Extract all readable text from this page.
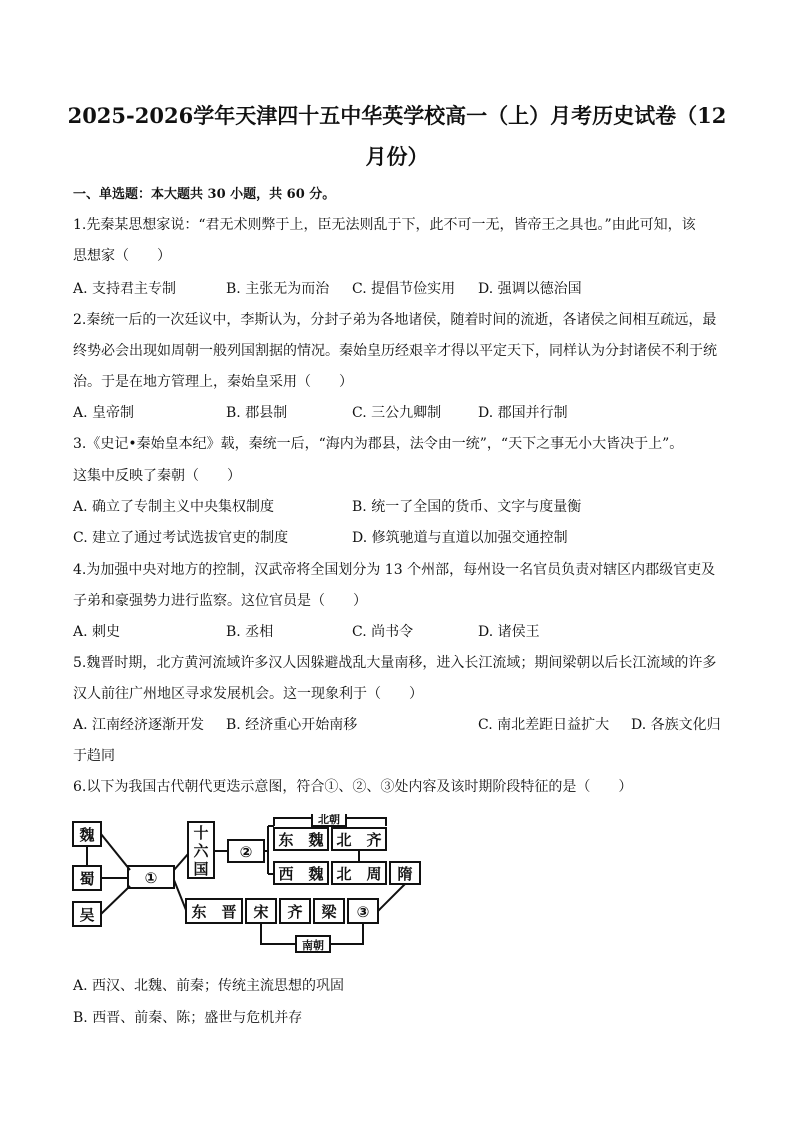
2025-2026学年天津四十五中华英学校高一（上）月考历史试卷（12
月份）
一、单选题：本大题共 30 小题，共 60 分。
1.先秦某思想家说：“君无术则弊于上，臣无法则乱于下，此不可一无，皆帝王之具也。”由此可知，该
思想家（　　）
A. 支持君主专制	B. 主张无为而治 C. 提倡节俭实用 D. 强调以德治国
2.秦统一后的一次廷议中，李斯认为，分封子弟为各地诸侯，随着时间的流逝，各诸侯之间相互疏远，最
终势必会出现如周朝一般列国割据的情况。秦始皇历经艰辛才得以平定天下，同样认为分封诸侯不利于统
治。于是在地方管理上，秦始皇采用（　　）
A. 皇帝制	B. 郡县制	C. 三公九卿制	D. 郡国并行制
3.《史记•秦始皇本纪》载，秦统一后，“海内为郡县，法令由一统”，“天下之事无小大皆决于上”。
这集中反映了秦朝（　　）
A. 确立了专制主义中央集权制度	B. 统一了全国的货币、文字与度量衡
C. 建立了通过考试选拔官吏的制度	D. 修筑驰道与直道以加强交通控制
4.为加强中央对地方的控制，汉武帝将全国划分为 13 个州部，每州设一名官员负责对辖区内郡级官吏及
子弟和豪强势力进行监察。这位官员是（　　）
A. 刺史	B. 丞相	C. 尚书令	D. 诸侯王
5.魏晋时期，北方黄河流域许多汉人因躲避战乱大量南移，进入长江流域；期间梁朝以后长江流域的许多
汉人前往广州地区寻求发展机会。这一现象利于（　　）
A. 江南经济逐渐开发 B. 经济重心开始南移	C. 南北差距日益扩大 D. 各族文化归
于趋同
6.以下为我国古代朝代更迭示意图，符合①、②、③处内容及该时期阶段特征的是（　　）
魏
蜀
吴
①
十
六
国
②
东　魏 北　齐
西　魏 北　周 隋
东　晋 宋 齐 梁 ③
北朝
南朝
A. 西汉、北魏、前秦；传统主流思想的巩固
B. 西晋、前秦、陈；盛世与危机并存
